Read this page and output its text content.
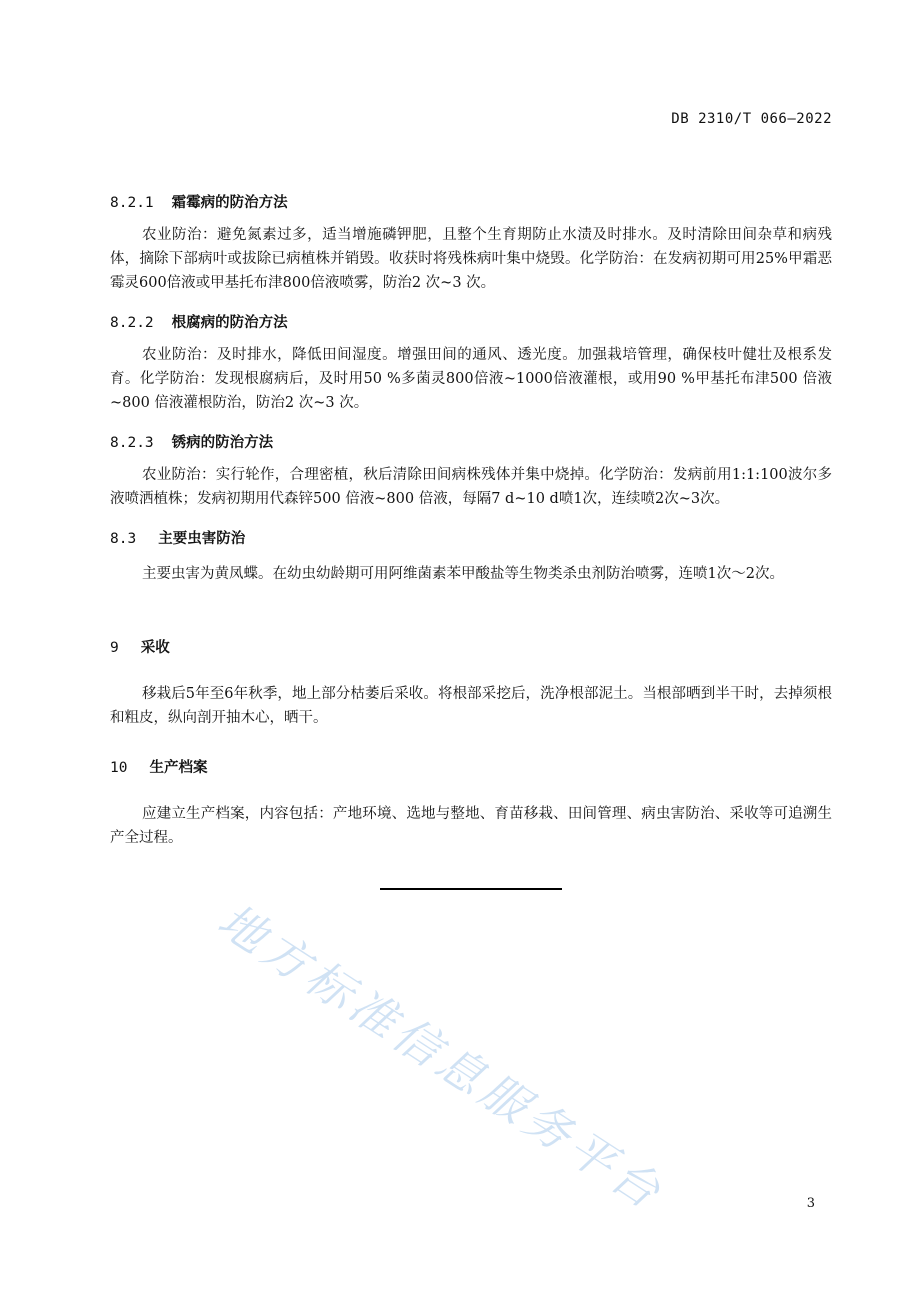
DB 2310/T 066—2022
8.2.1 霜霉病的防治方法
农业防治：避免氮素过多，适当增施磷钾肥，且整个生育期防止水渍及时排水。及时清除田间杂草和病残体，摘除下部病叶或拔除已病植株并销毁。收获时将残株病叶集中烧毁。化学防治：在发病初期可用25%甲霜恶霉灵600倍液或甲基托布津800倍液喷雾，防治2 次~3 次。
8.2.2 根腐病的防治方法
农业防治：及时排水，降低田间湿度。增强田间的通风、透光度。加强栽培管理，确保枝叶健壮及根系发育。化学防治：发现根腐病后，及时用50 %多菌灵800倍液~1000倍液灌根，或用90 %甲基托布津500 倍液~800 倍液灌根防治，防治2 次~3 次。
8.2.3 锈病的防治方法
农业防治：实行轮作，合理密植，秋后清除田间病株残体并集中烧掉。化学防治：发病前用1:1:100波尔多液喷洒植株；发病初期用代森锌500 倍液~800 倍液，每隔7 d~10 d喷1次，连续喷2次~3次。
8.3 主要虫害防治
主要虫害为黄凤蝶。在幼虫幼龄期可用阿维菌素苯甲酸盐等生物类杀虫剂防治喷雾，连喷1次～2次。
9 采收
移栽后5年至6年秋季，地上部分枯萎后采收。将根部采挖后，洗净根部泥土。当根部晒到半干时，去掉须根和粗皮，纵向剖开抽木心，晒干。
10 生产档案
应建立生产档案，内容包括：产地环境、选地与整地、育苗移栽、田间管理、病虫害防治、采收等可追溯生产全过程。
地方标准信息服务平台	3
